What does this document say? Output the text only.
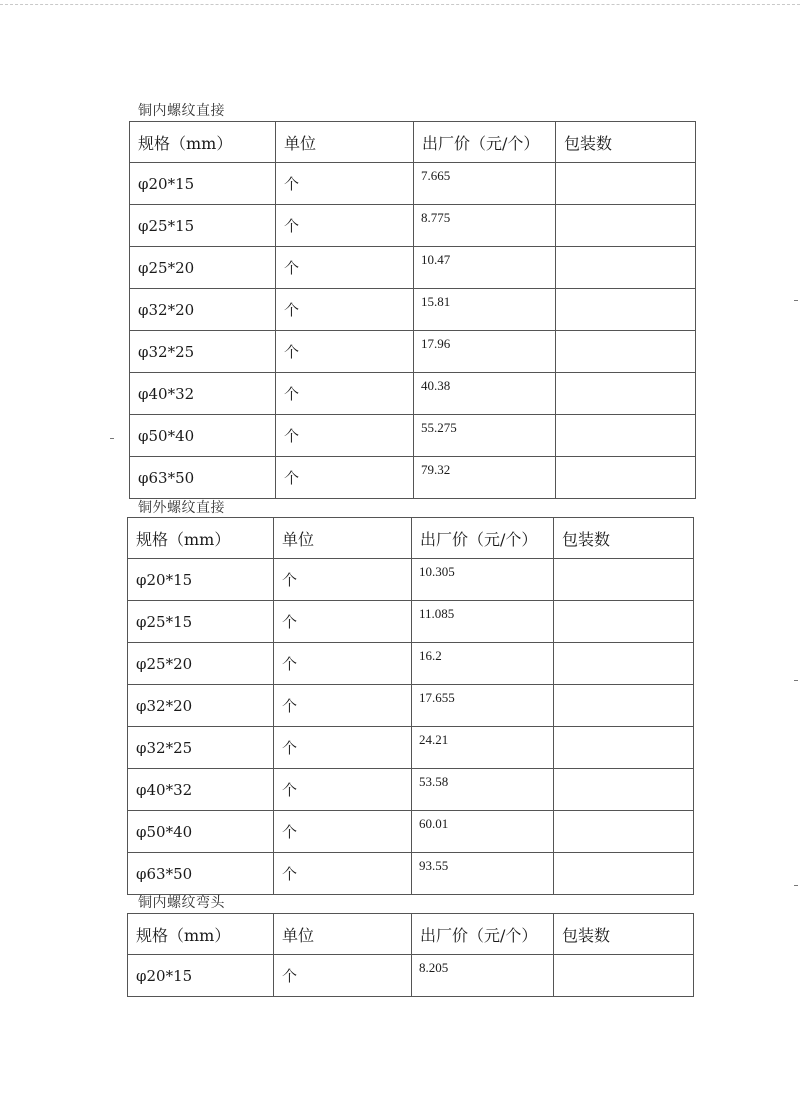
铜内螺纹直接
规格（mm）	单位	出厂价（元/个）	包装数

φ20*15	个	7.665	

φ25*15	个	8.775	

φ25*20	个	10.47	

φ32*20	个	15.81	

φ32*25	个	17.96	

φ40*32	个	40.38	

φ50*40	个	55.275	

φ63*50	个	79.32	

铜外螺纹直接
规格（mm）	单位	出厂价（元/个）	包装数

φ20*15	个	10.305	

φ25*15	个	11.085	

φ25*20	个	16.2	

φ32*20	个	17.655	

φ32*25	个	24.21	

φ40*32	个	53.58	

φ50*40	个	60.01	

φ63*50	个	93.55	

铜内螺纹弯头
规格（mm）	单位	出厂价（元/个）	包装数

φ20*15	个	8.205	
